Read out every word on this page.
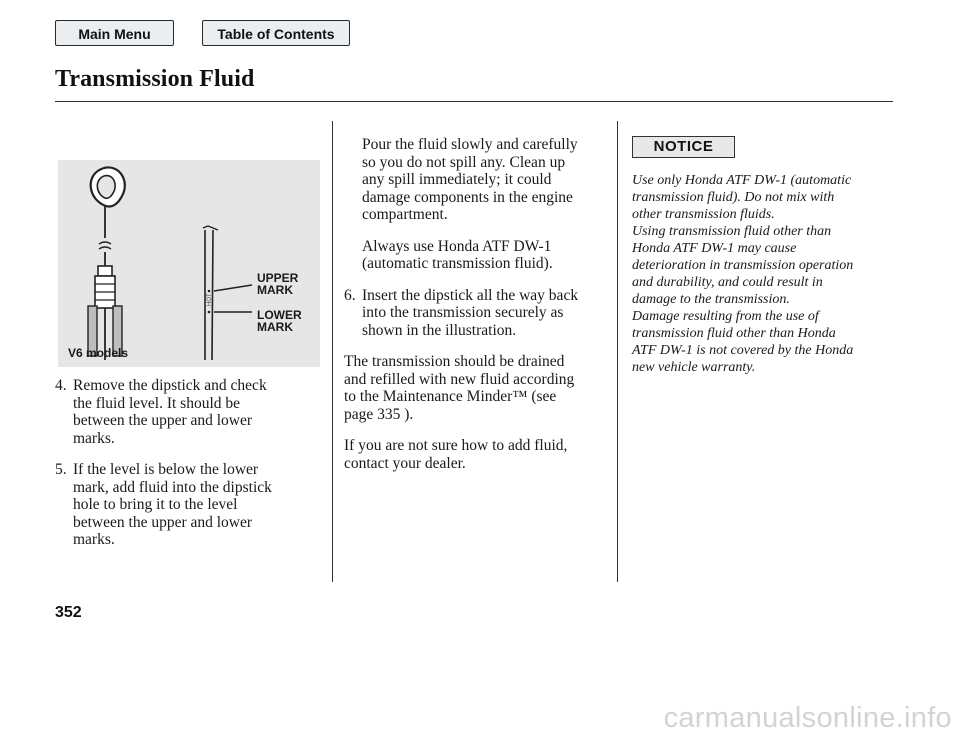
Main Menu	Table of Contents
Transmission Fluid
HOT
UPPER
MARK
LOWER
MARK
V6 models
4. Remove the dipstick and check
the fluid level. It should be
between the upper and lower
marks.
5. If the level is below the lower
mark, add fluid into the dipstick
hole to bring it to the level
between the upper and lower
marks.
Pour the fluid slowly and carefully
so you do not spill any. Clean up
any spill immediately; it could
damage components in the engine
compartment.
Always use Honda ATF DW-1
(automatic transmission fluid).
6. Insert the dipstick all the way back
into the transmission securely as
shown in the illustration.
The transmission should be drained
and refilled with new fluid according
to the Maintenance Minder™ (see
page 335 ).
If you are not sure how to add fluid,
contact your dealer.
NOTICE
Use only Honda ATF DW-1 (automatic
transmission fluid). Do not mix with
other transmission fluids.
Using transmission fluid other than
Honda ATF DW-1 may cause
deterioration in transmission operation
and durability, and could result in
damage to the transmission.
Damage resulting from the use of
transmission fluid other than Honda
ATF DW-1 is not covered by the Honda
new vehicle warranty.
352
carmanualsonline.info
